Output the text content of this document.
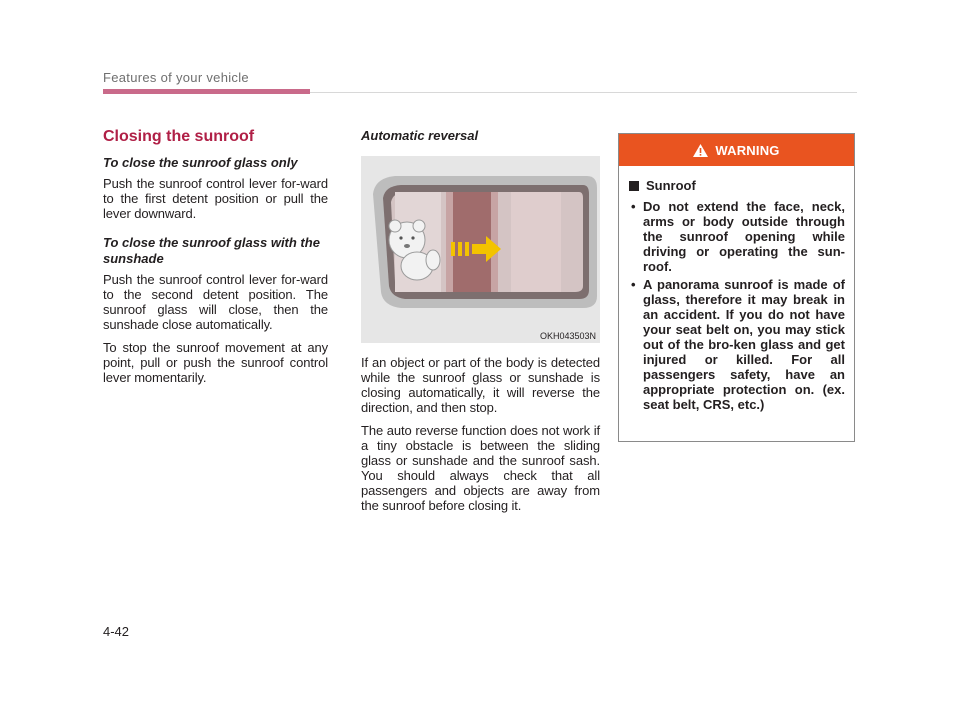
Features of your vehicle
Closing the sunroof
To close the sunroof glass only

Push the sunroof control lever for-ward to the first detent position or pull the lever downward.

To close the sunroof glass with the sunshade

Push the sunroof control lever for-ward to the second detent position. The sunroof glass will close, then the sunshade close automatically.

To stop the sunroof movement at any point, pull or push the sunroof control lever momentarily.

Automatic reversal
OKH043503N

If an object or part of the body is detected while the sunroof glass or sunshade is closing automatically, it will reverse the direction, and then stop.

The auto reverse function does not work if a tiny obstacle is between the sliding glass or sunshade and the sunroof sash. You should always check that all passengers and objects are away from the sunroof before closing it.

WARNING
Sunroof
• Do not extend the face, neck, arms or body outside through the sunroof opening while driving or operating the sun-roof.
• A panorama sunroof is made of glass, therefore it may break in an accident. If you do not have your seat belt on, you may stick out of the bro-ken glass and get injured or killed. For all passengers safety, have an appropriate protection on. (ex. seat belt, CRS, etc.)
4-42
